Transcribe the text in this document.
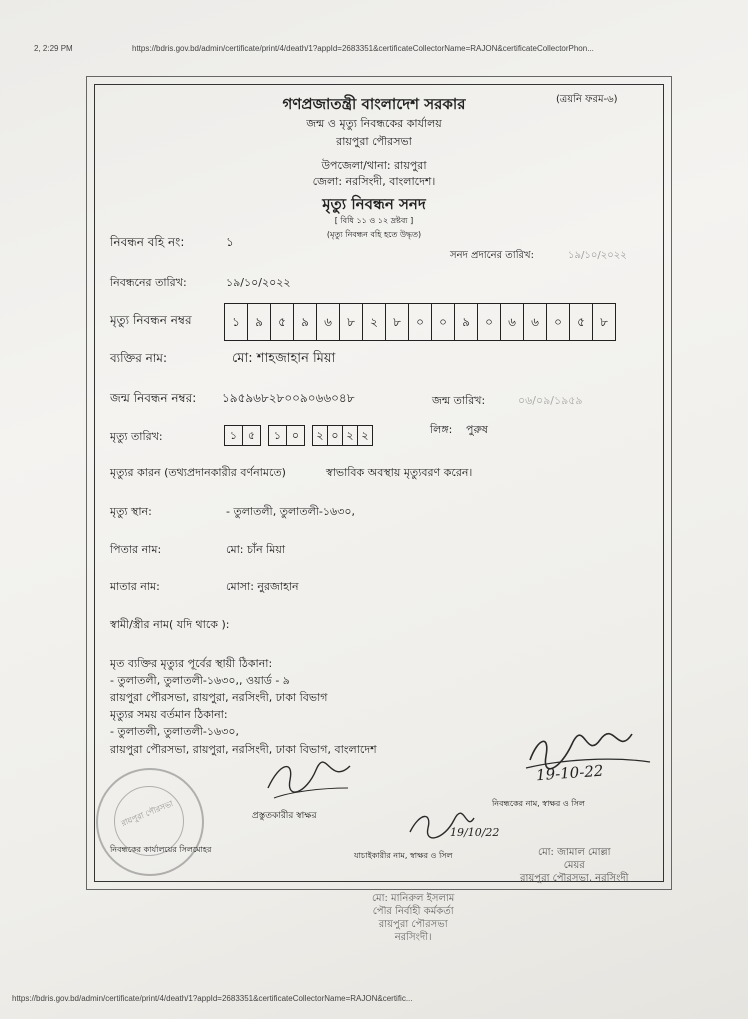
2, 2:29 PM	https://bdris.gov.bd/admin/certificate/print/4/death/1?appId=2683351&certificateCollectorName=RAJON&certificateCollectorPhon...
(ত্রয়নি ফরম-৬)
গণপ্রজাতন্ত্রী বাংলাদেশ সরকার
জন্ম ও মৃত্যু নিবন্ধকের কার্যালয়
রায়পুরা পৌরসভা
উপজেলা/থানা: রায়পুরা
জেলা: নরসিংদী, বাংলাদেশ।
মৃত্যু নিবন্ধন সনদ
[ বিধি ১১ ও ১২ দ্রষ্টব্য ]
(মৃত্যু নিবন্ধন বহি হতে উদ্ধৃত)
নিবন্ধন বহি নং:	১
সনদ প্রদানের তারিখ:	১৯/১০/২০২২
নিবন্ধনের তারিখ:	১৯/১০/২০২২
মৃত্যু নিবন্ধন নম্বর	১	৯	৫	৯	৬	৮	২	৮	০	০	৯	০	৬	৬	০	৫	৮
ব্যক্তির নাম:	মো: শাহজাহান মিয়া
জন্ম নিবন্ধন নম্বর: ১৯৫৯৬৮২৮০০৯০৬৬০৪৮	জন্ম তারিখ:	০৬/০৯/১৯৫৯
মৃত্যু তারিখ:	১ ৫	১ ০	২ ০ ২ ২	লিঙ্গ: পুরুষ
মৃত্যুর কারন (তথ্যপ্রদানকারীর বর্ণনামতে)	স্বাভাবিক অবস্থায় মৃত্যুবরণ করেন।
মৃত্যু স্থান:	- তুলাতলী, তুলাতলী-১৬৩০,
পিতার নাম:	মো: চাঁন মিয়া
মাতার নাম:	মোসা: নুরজাহান
স্বামী/স্ত্রীর নাম( যদি থাকে ):
মৃত ব্যক্তির মৃত্যুর পূর্বের স্থায়ী ঠিকানা:
- তুলাতলী, তুলাতলী-১৬৩০,, ওয়ার্ড - ৯
রায়পুরা পৌরসভা, রায়পুরা, নরসিংদী, ঢাকা বিভাগ
মৃত্যুর সময় বর্তমান ঠিকানা:
- তুলাতলী, তুলাতলী-১৬৩০,
রায়পুরা পৌরসভা, রায়পুরা, নরসিংদী, ঢাকা বিভাগ, বাংলাদেশ
রায়পুরা পৌরসভা
19-10-22
নিবন্ধকের নাম, স্বাক্ষর ও সিল
প্রস্তুতকারীর স্বাক্ষর
19/10/22
নিবন্ধকের কার্যালয়ের সিলমোহর
যাচাইকারীর নাম, স্বাক্ষর ও সিল	মো: জামাল মোল্লা
মেয়র
রায়পুরা পৌরসভা, নরসিংদী
মো: মানিরুল ইসলাম
পৌর নির্বাহী কর্মকর্তা
রায়পুরা পৌরসভা
নরসিংদী।
https://bdris.gov.bd/admin/certificate/print/4/death/1?appId=2683351&certificateCollectorName=RAJON&certific...
